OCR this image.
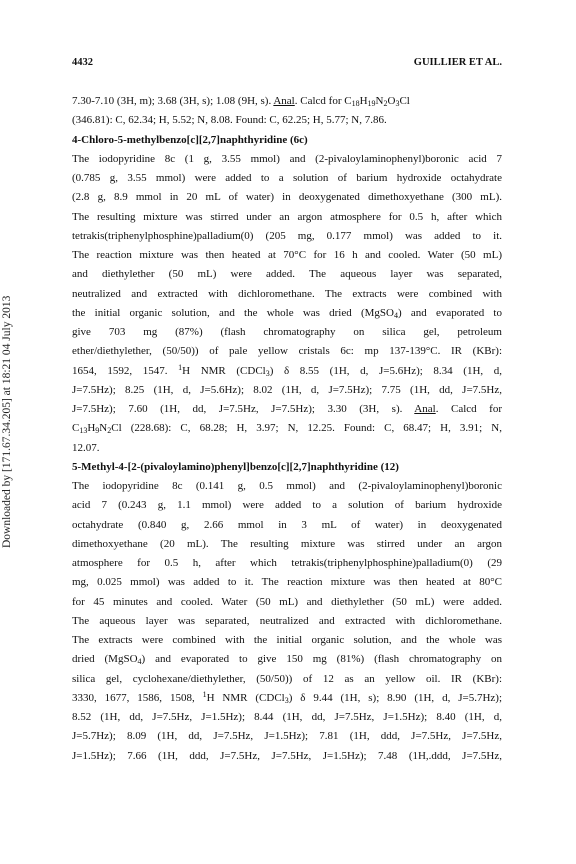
4432	GUILLIER ET AL.
Downloaded by [171.67.34.205] at 18:21 04 July 2013
7.30-7.10 (3H, m); 3.68 (3H, s); 1.08 (9H, s). Anal. Calcd for $C_{18}H_{19}N_2O_3Cl$
(346.81): C, 62.34; H, 5.52; N, 8.08. Found: C, 62.25; H, 5.77; N, 7.86.
4-Chloro-5-methylbenzo[c][2,7]naphthyridine (6c)
The iodopyridine 8c (1 g, 3.55 mmol) and (2-pivaloylaminophenyl)boronic acid 7
(0.785 g, 3.55 mmol) were added to a solution of barium hydroxide octahydrate
(2.8 g, 8.9 mmol in 20 mL of water) in deoxygenated dimethoxyethane (300 mL).
The resulting mixture was stirred under an argon atmosphere for 0.5 h, after which
tetrakis(triphenylphosphine)palladium(0) (205 mg, 0.177 mmol) was added to it.
The reaction mixture was then heated at 70°C for 16 h and cooled. Water (50 mL)
and diethylether (50 mL) were added. The aqueous layer was separated,
neutralized and extracted with dichloromethane. The extracts were combined with
the initial organic solution, and the whole was dried (MgSO$_4$) and evaporated to
give 703 mg (87%) (flash chromatography on silica gel, petroleum
ether/diethylether, (50/50)) of pale yellow cristals 6c: mp 137-139°C. IR (KBr):
1654, 1592, 1547. $^1$H NMR (CDCl$_3$) δ 8.55 (1H, d, J=5.6Hz); 8.34 (1H, d,
J=7.5Hz); 8.25 (1H, d, J=5.6Hz); 8.02 (1H, d, J=7.5Hz); 7.75 (1H, dd, J=7.5Hz,
J=7.5Hz); 7.60 (1H, dd, J=7.5Hz, J=7.5Hz); 3.30 (3H, s). Anal. Calcd for
$C_{13}H_9N_2Cl$ (228.68): C, 68.28; H, 3.97; N, 12.25. Found: C, 68.47; H, 3.91; N,
12.07.
5-Methyl-4-[2-(pivaloylamino)phenyl]benzo[c][2,7]naphthyridine (12)
The iodopyridine 8c (0.141 g, 0.5 mmol) and (2-pivaloylaminophenyl)boronic
acid 7 (0.243 g, 1.1 mmol) were added to a solution of barium hydroxide
octahydrate (0.840 g, 2.66 mmol in 3 mL of water) in deoxygenated
dimethoxyethane (20 mL). The resulting mixture was stirred under an argon
atmosphere for 0.5 h, after which tetrakis(triphenylphosphine)palladium(0) (29
mg, 0.025 mmol) was added to it. The reaction mixture was then heated at 80°C
for 45 minutes and cooled. Water (50 mL) and diethylether (50 mL) were added.
The aqueous layer was separated, neutralized and extracted with dichloromethane.
The extracts were combined with the initial organic solution, and the whole was
dried (MgSO$_4$) and evaporated to give 150 mg (81%) (flash chromatography on
silica gel, cyclohexane/diethylether, (50/50)) of 12 as an yellow oil. IR (KBr):
3330, 1677, 1586, 1508, $^1$H NMR (CDCl$_3$) δ 9.44 (1H, s); 8.90 (1H, d, J=5.7Hz);
8.52 (1H, dd, J=7.5Hz, J=1.5Hz); 8.44 (1H, dd, J=7.5Hz, J=1.5Hz); 8.40 (1H, d,
J=5.7Hz); 8.09 (1H, dd, J=7.5Hz, J=1.5Hz); 7.81 (1H, ddd, J=7.5Hz, J=7.5Hz,
J=1.5Hz); 7.66 (1H, ddd, J=7.5Hz, J=7.5Hz, J=1.5Hz); 7.48 (1H,.ddd, J=7.5Hz,
